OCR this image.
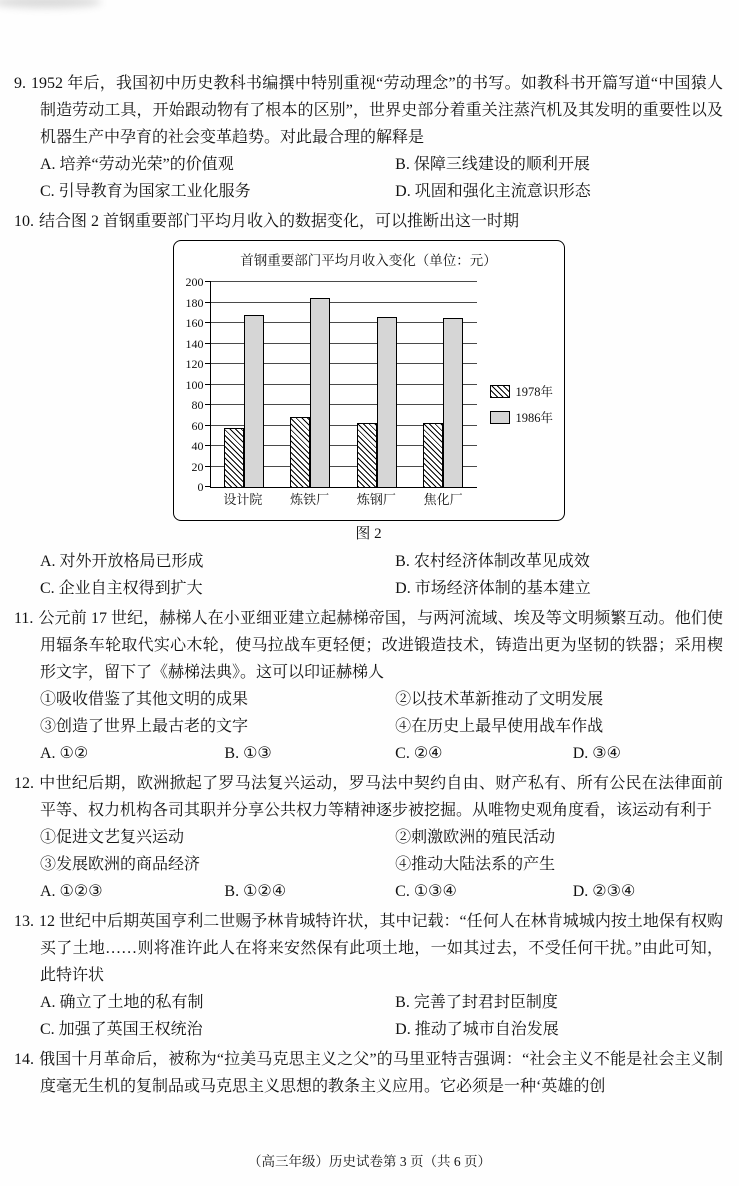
9. 1952 年后，我国初中历史教科书编撰中特别重视“劳动理念”的书写。如教科书开篇写道“中国猿人制造劳动工具，开始跟动物有了根本的区别”，世界史部分着重关注蒸汽机及其发明的重要性以及机器生产中孕育的社会变革趋势。对此最合理的解释是

A. 培养“劳动光荣”的价值观	B. 保障三线建设的顺利开展
C. 引导教育为国家工业化服务	D. 巩固和强化主流意识形态

10. 结合图 2 首钢重要部门平均月收入的数据变化，可以推断出这一时期

首钢重要部门平均月收入变化（单位：元）
0
20
40
60
80
100
120
140
160
180
200
设计院	炼铁厂	炼钢厂	焦化厂
1978年
1986年
图 2
A. 对外开放格局已形成	B. 农村经济体制改革见成效
C. 企业自主权得到扩大	D. 市场经济体制的基本建立

11. 公元前 17 世纪，赫梯人在小亚细亚建立起赫梯帝国，与两河流域、埃及等文明频繁互动。他们使用辐条车轮取代实心木轮，使马拉战车更轻便；改进锻造技术，铸造出更为坚韧的铁器；采用楔形文字，留下了《赫梯法典》。这可以印证赫梯人

①吸收借鉴了其他文明的成果	②以技术革新推动了文明发展
③创造了世界上最古老的文字	④在历史上最早使用战车作战
A. ①②	B. ①③	C. ②④	D. ③④

12. 中世纪后期，欧洲掀起了罗马法复兴运动，罗马法中契约自由、财产私有、所有公民在法律面前平等、权力机构各司其职并分享公共权力等精神逐步被挖掘。从唯物史观角度看，该运动有利于

①促进文艺复兴运动	②刺激欧洲的殖民活动
③发展欧洲的商品经济	④推动大陆法系的产生
A. ①②③	B. ①②④	C. ①③④	D. ②③④

13. 12 世纪中后期英国亨利二世赐予林肯城特许状，其中记载：“任何人在林肯城城内按土地保有权购买了土地……则将准许此人在将来安然保有此项土地，一如其过去，不受任何干扰。”由此可知，此特许状

A. 确立了土地的私有制	B. 完善了封君封臣制度
C. 加强了英国王权统治	D. 推动了城市自治发展

14. 俄国十月革命后，被称为“拉美马克思主义之父”的马里亚特吉强调：“社会主义不能是社会主义制度毫无生机的复制品或马克思主义思想的教条主义应用。它必须是一种‘英雄的创

（高三年级）历史试卷第 3 页（共 6 页）
